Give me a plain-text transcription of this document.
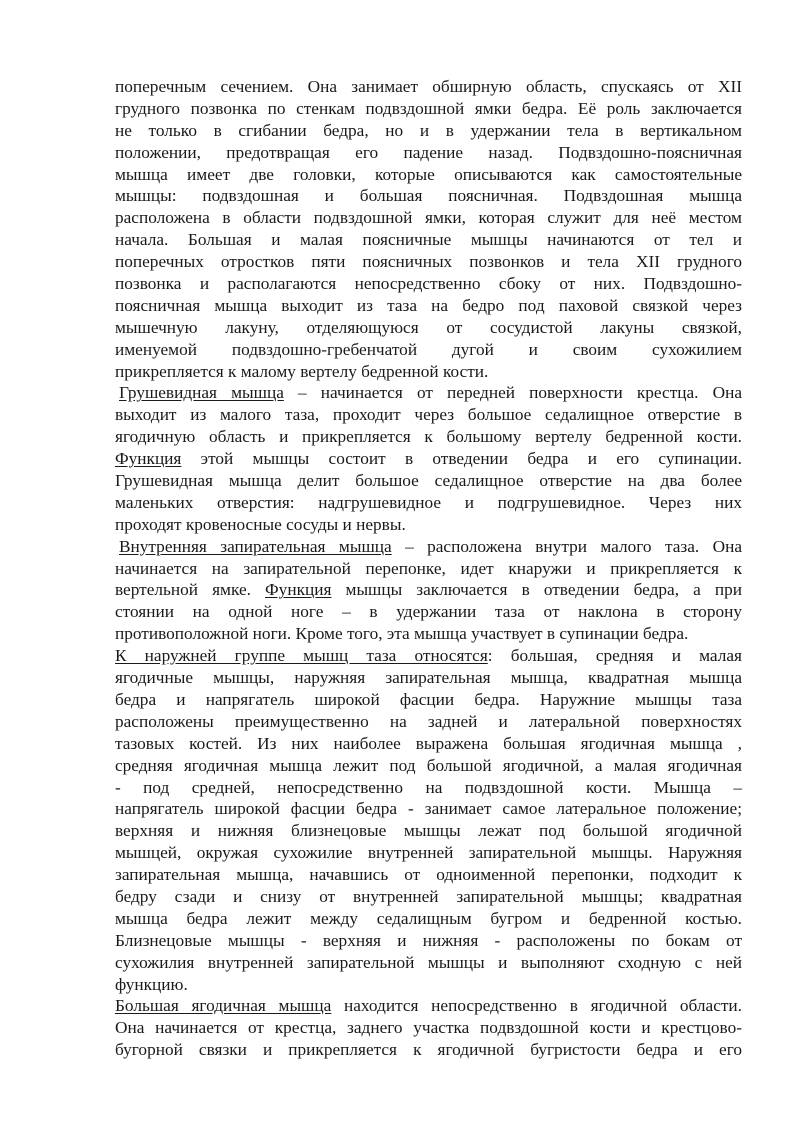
поперечным сечением. Она занимает обширную область, спускаясь от XII
грудного позвонка по стенкам подвздошной ямки бедра. Её роль заключается
не только в сгибании бедра, но и в удержании тела в вертикальном
положении, предотвращая его падение назад. Подвздошно-поясничная
мышца имеет две головки, которые описываются как самостоятельные
мышцы: подвздошная и большая поясничная. Подвздошная мышца
расположена в области подвздошной ямки, которая служит для неё местом
начала. Большая и малая поясничные мышцы начинаются от тел и
поперечных отростков пяти поясничных позвонков и тела XII грудного
позвонка и располагаются непосредственно сбоку от них. Подвздошно-
поясничная мышца выходит из таза на бедро под паховой связкой через
мышечную лакуну, отделяющуюся от сосудистой лакуны связкой,
именуемой подвздошно-гребенчатой дугой и своим сухожилием
прикрепляется к малому вертелу бедренной кости.
Грушевидная мышца – начинается от передней поверхности крестца. Она
выходит из малого таза, проходит через большое седалищное отверстие в
ягодичную область и прикрепляется к большому вертелу бедренной кости.
Функция этой мышцы состоит в отведении бедра и его супинации.
Грушевидная мышца делит большое седалищное отверстие на два более
маленьких отверстия: надгрушевидное и подгрушевидное. Через них
проходят кровеносные сосуды и нервы.
Внутренняя запирательная мышца – расположена внутри малого таза. Она
начинается на запирательной перепонке, идет кнаружи и прикрепляется к
вертельной ямке. Функция мышцы заключается в отведении бедра, а при
стоянии на одной ноге – в удержании таза от наклона в сторону
противоположной ноги. Кроме того, эта мышца участвует в супинации бедра.
К наружней группе мышц таза относятся: большая, средняя и малая
ягодичные мышцы, наружняя запирательная мышца, квадратная мышца
бедра и напрягатель широкой фасции бедра. Наружние мышцы таза
расположены преимущественно на задней и латеральной поверхностях
тазовых костей. Из них наиболее выражена большая ягодичная мышца ,
средняя ягодичная мышца лежит под большой ягодичной, а малая ягодичная
- под средней, непосредственно на подвздошной кости. Мышца –
напрягатель широкой фасции бедра - занимает самое латеральное положение;
верхняя и нижняя близнецовые мышцы лежат под большой ягодичной
мышцей, окружая сухожилие внутренней запирательной мышцы. Наружняя
запирательная мышца, начавшись от одноименной перепонки, подходит к
бедру сзади и снизу от внутренней запирательной мышцы; квадратная
мышца бедра лежит между седалищным бугром и бедренной костью.
Близнецовые мышцы - верхняя и нижняя - расположены по бокам от
сухожилия внутренней запирательной мышцы и выполняют сходную с ней
функцию.
Большая ягодичная мышца находится непосредственно в ягодичной области.
Она начинается от крестца, заднего участка подвздошной кости и крестцово-
бугорной связки и прикрепляется к ягодичной бугристости бедра и его
